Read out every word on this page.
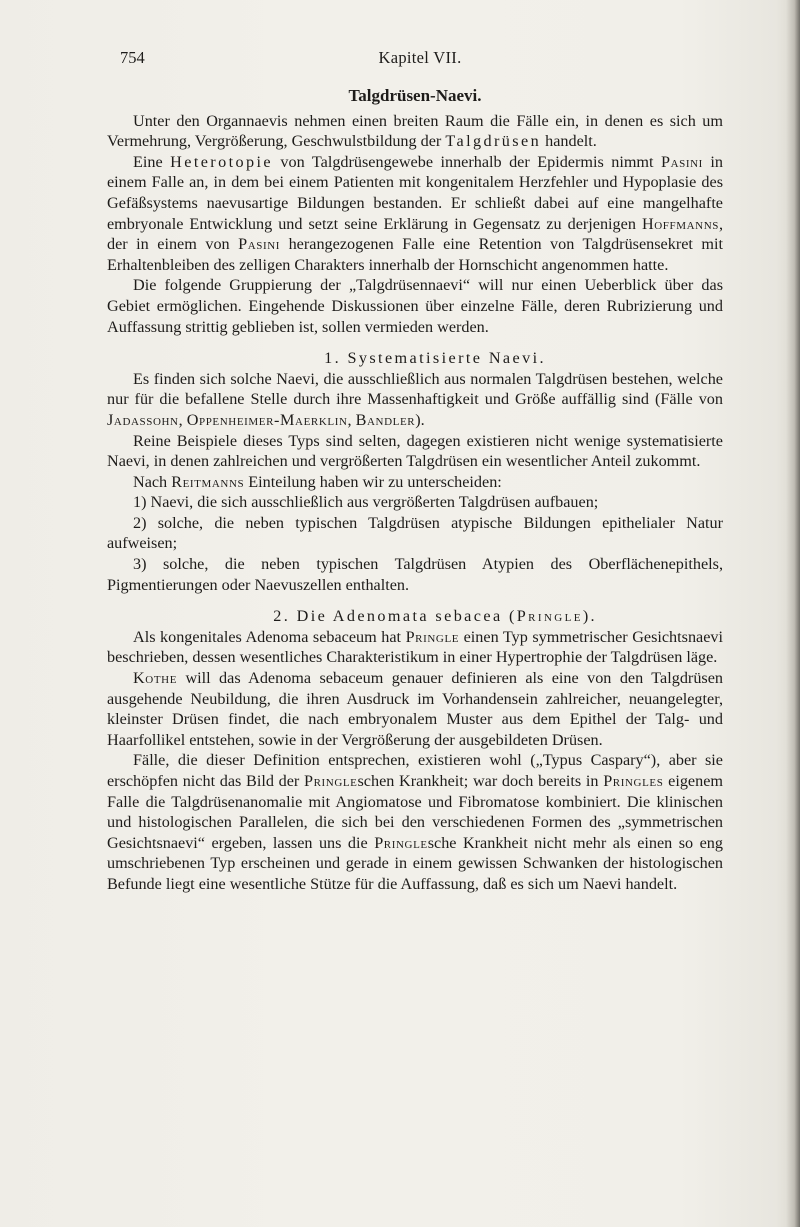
754	Kapitel VII.
Talgdrüsen-Naevi.

Unter den Organnaevis nehmen einen breiten Raum die Fälle ein, in denen es sich um Vermehrung, Vergrößerung, Geschwulstbildung der Talgdrüsen handelt.

Eine Heterotopie von Talgdrüsengewebe innerhalb der Epidermis nimmt Pasini in einem Falle an, in dem bei einem Patienten mit kongenitalem Herzfehler und Hypoplasie des Gefäßsystems naevusartige Bildungen bestanden. Er schließt dabei auf eine mangelhafte embryonale Entwicklung und setzt seine Erklärung in Gegensatz zu derjenigen Hoffmanns, der in einem von Pasini herangezogenen Falle eine Retention von Talgdrüsensekret mit Erhaltenbleiben des zelligen Charakters innerhalb der Hornschicht angenommen hatte.

Die folgende Gruppierung der „Talgdrüsennaevi“ will nur einen Ueberblick über das Gebiet ermöglichen. Eingehende Diskussionen über einzelne Fälle, deren Rubrizierung und Auffassung strittig geblieben ist, sollen vermieden werden.

1. Systematisierte Naevi.

Es finden sich solche Naevi, die ausschließlich aus normalen Talgdrüsen bestehen, welche nur für die befallene Stelle durch ihre Massenhaftigkeit und Größe auffällig sind (Fälle von Jadassohn, Oppenheimer-Maerklin, Bandler).

Reine Beispiele dieses Typs sind selten, dagegen existieren nicht wenige systematisierte Naevi, in denen zahlreichen und vergrößerten Talgdrüsen ein wesentlicher Anteil zukommt.

Nach Reitmanns Einteilung haben wir zu unterscheiden:

1) Naevi, die sich ausschließlich aus vergrößerten Talgdrüsen aufbauen;

2) solche, die neben typischen Talgdrüsen atypische Bildungen epithelialer Natur aufweisen;

3) solche, die neben typischen Talgdrüsen Atypien des Oberflächenepithels, Pigmentierungen oder Naevuszellen enthalten.

2. Die Adenomata sebacea (Pringle).

Als kongenitales Adenoma sebaceum hat Pringle einen Typ symmetrischer Gesichtsnaevi beschrieben, dessen wesentliches Charakteristikum in einer Hypertrophie der Talgdrüsen läge.

Kothe will das Adenoma sebaceum genauer definieren als eine von den Talgdrüsen ausgehende Neubildung, die ihren Ausdruck im Vorhandensein zahlreicher, neuangelegter, kleinster Drüsen findet, die nach embryonalem Muster aus dem Epithel der Talg- und Haarfollikel entstehen, sowie in der Vergrößerung der ausgebildeten Drüsen.

Fälle, die dieser Definition entsprechen, existieren wohl („Typus Caspary“), aber sie erschöpfen nicht das Bild der Pringleschen Krankheit; war doch bereits in Pringles eigenem Falle die Talgdrüsenanomalie mit Angiomatose und Fibromatose kombiniert. Die klinischen und histologischen Parallelen, die sich bei den verschiedenen Formen des „symmetrischen Gesichtsnaevi“ ergeben, lassen uns die Pringlesche Krankheit nicht mehr als einen so eng umschriebenen Typ erscheinen und gerade in einem gewissen Schwanken der histologischen Befunde liegt eine wesentliche Stütze für die Auffassung, daß es sich um Naevi handelt.
